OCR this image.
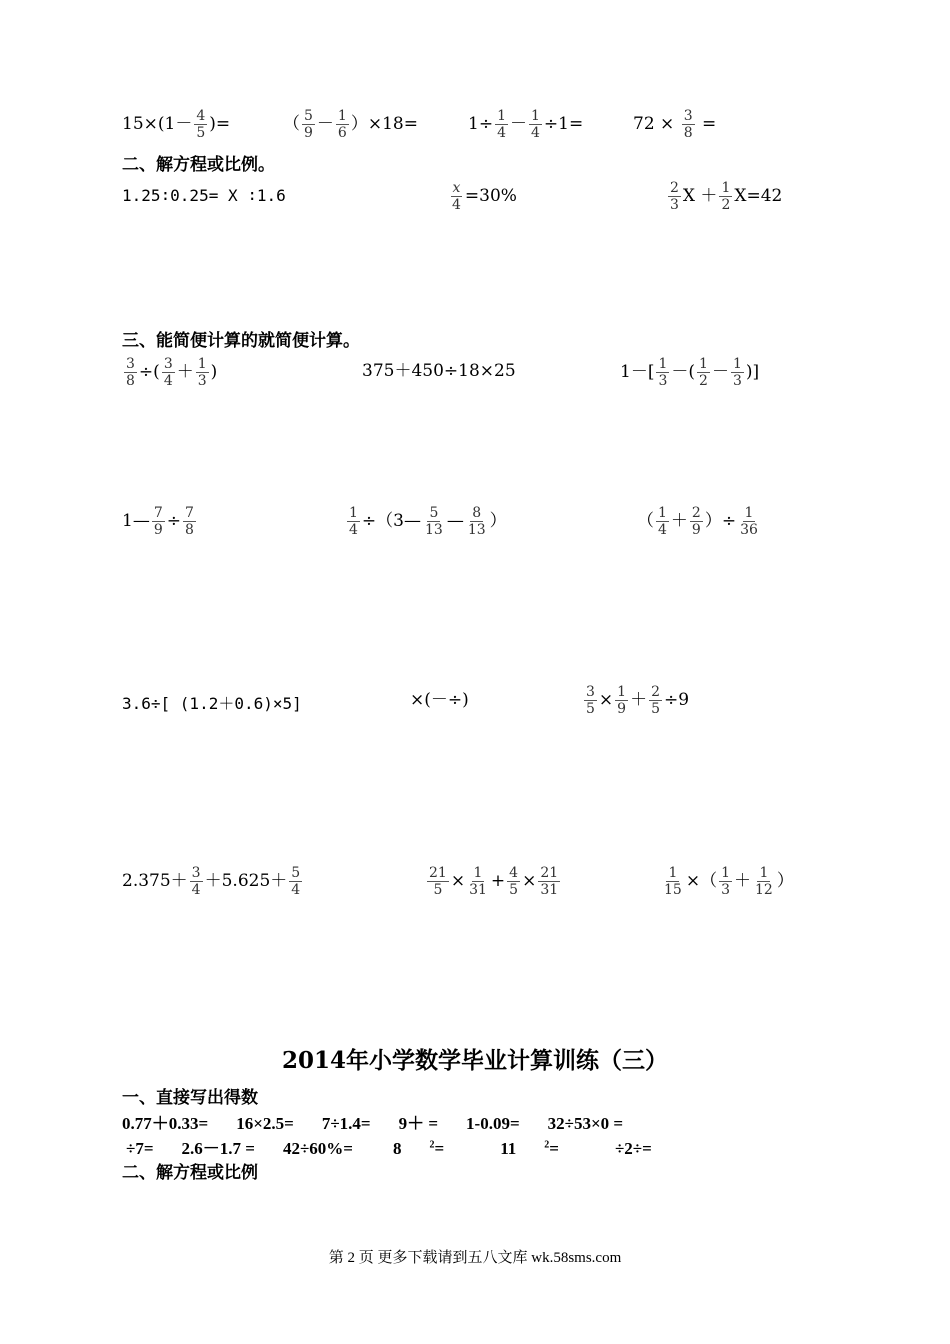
$15\times(1- \frac{4}{5}$ )=	（ $\frac{5}{9} - \frac{1}{6} )\times 18=$	$1\div \frac{1}{4} - \frac{1}{4} \div 1=$	$72 \times \frac{3}{8}$ =
二、解方程或比例。
1.25∶0.25= X ∶1.6	$\frac{x}{4} =30\%$	$\frac{2}{3}$ $X + \frac{1}{2} X=42$
三、能简便计算的就简便计算。
$\frac{3}{8}$ ÷( $\frac{3}{4} + \frac{1}{3}$ )	375＋450÷18×25	$1-[ \frac{1}{3}$ －( $\frac{1}{2} - \frac{1}{3}$ )]
1— $\frac{7}{9} \div \frac{7}{8}$	$\frac{1}{4}$ ÷（3— $\frac{5}{13}$ — $\frac{8}{13}$ ）	（ $\frac{1}{4} + \frac{2}{9}$ ）÷ $\frac{1}{36}$
3.6÷[ (1.2＋0.6)×5]	×(－÷)	$\frac{3}{5} \times \frac{1}{9} + \frac{2}{5} \div 9$
$2.375+ \frac{3}{4} +5.625+ \frac{5}{4}$	$\frac{21}{5} \times \frac{1}{31} + \frac{4}{5} \times \frac{21}{31}$	$\frac{1}{15}$ ×（ $\frac{1}{3} + \frac{1}{12}$ ）
2014年小学数学毕业计算训练（三）
一、直接写出得数
0.77＋0.33= 16×2.5= 7÷1.4= 9＋ = 1-0.09= 32÷53×0 =
÷7= 2.6－1.7 = 42÷60%= 8	$^2$=	11	$^2$=	÷2÷=
二、解方程或比例
第 2 页 更多下载请到五八文库 wk.58sms.com
